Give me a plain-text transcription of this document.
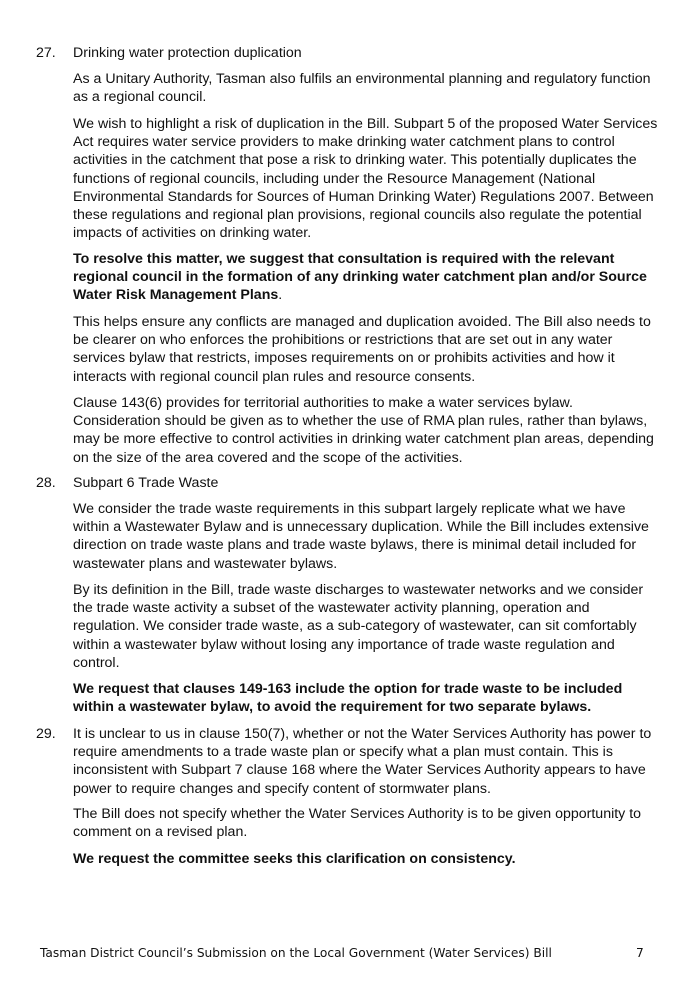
27. Drinking water protection duplication
As a Unitary Authority, Tasman also fulfils an environmental planning and regulatory function
as a regional council.
We wish to highlight a risk of duplication in the Bill. Subpart 5 of the proposed Water Services
Act requires water service providers to make drinking water catchment plans to control
activities in the catchment that pose a risk to drinking water. This potentially duplicates the
functions of regional councils, including under the Resource Management (National
Environmental Standards for Sources of Human Drinking Water) Regulations 2007. Between
these regulations and regional plan provisions, regional councils also regulate the potential
impacts of activities on drinking water.
To resolve this matter, we suggest that consultation is required with the relevant
regional council in the formation of any drinking water catchment plan and/or Source
Water Risk Management Plans.
This helps ensure any conflicts are managed and duplication avoided. The Bill also needs to
be clearer on who enforces the prohibitions or restrictions that are set out in any water
services bylaw that restricts, imposes requirements on or prohibits activities and how it
interacts with regional council plan rules and resource consents.
Clause 143(6) provides for territorial authorities to make a water services bylaw.
Consideration should be given as to whether the use of RMA plan rules, rather than bylaws,
may be more effective to control activities in drinking water catchment plan areas, depending
on the size of the area covered and the scope of the activities.
28. Subpart 6 Trade Waste
We consider the trade waste requirements in this subpart largely replicate what we have
within a Wastewater Bylaw and is unnecessary duplication. While the Bill includes extensive
direction on trade waste plans and trade waste bylaws, there is minimal detail included for
wastewater plans and wastewater bylaws.
By its definition in the Bill, trade waste discharges to wastewater networks and we consider
the trade waste activity a subset of the wastewater activity planning, operation and
regulation. We consider trade waste, as a sub-category of wastewater, can sit comfortably
within a wastewater bylaw without losing any importance of trade waste regulation and
control.
We request that clauses 149-163 include the option for trade waste to be included
within a wastewater bylaw, to avoid the requirement for two separate bylaws.
29. It is unclear to us in clause 150(7), whether or not the Water Services Authority has power to
require amendments to a trade waste plan or specify what a plan must contain. This is
inconsistent with Subpart 7 clause 168 where the Water Services Authority appears to have
power to require changes and specify content of stormwater plans.
The Bill does not specify whether the Water Services Authority is to be given opportunity to
comment on a revised plan.
We request the committee seeks this clarification on consistency.
Tasman District Council’s Submission on the Local Government (Water Services) Bill	7
